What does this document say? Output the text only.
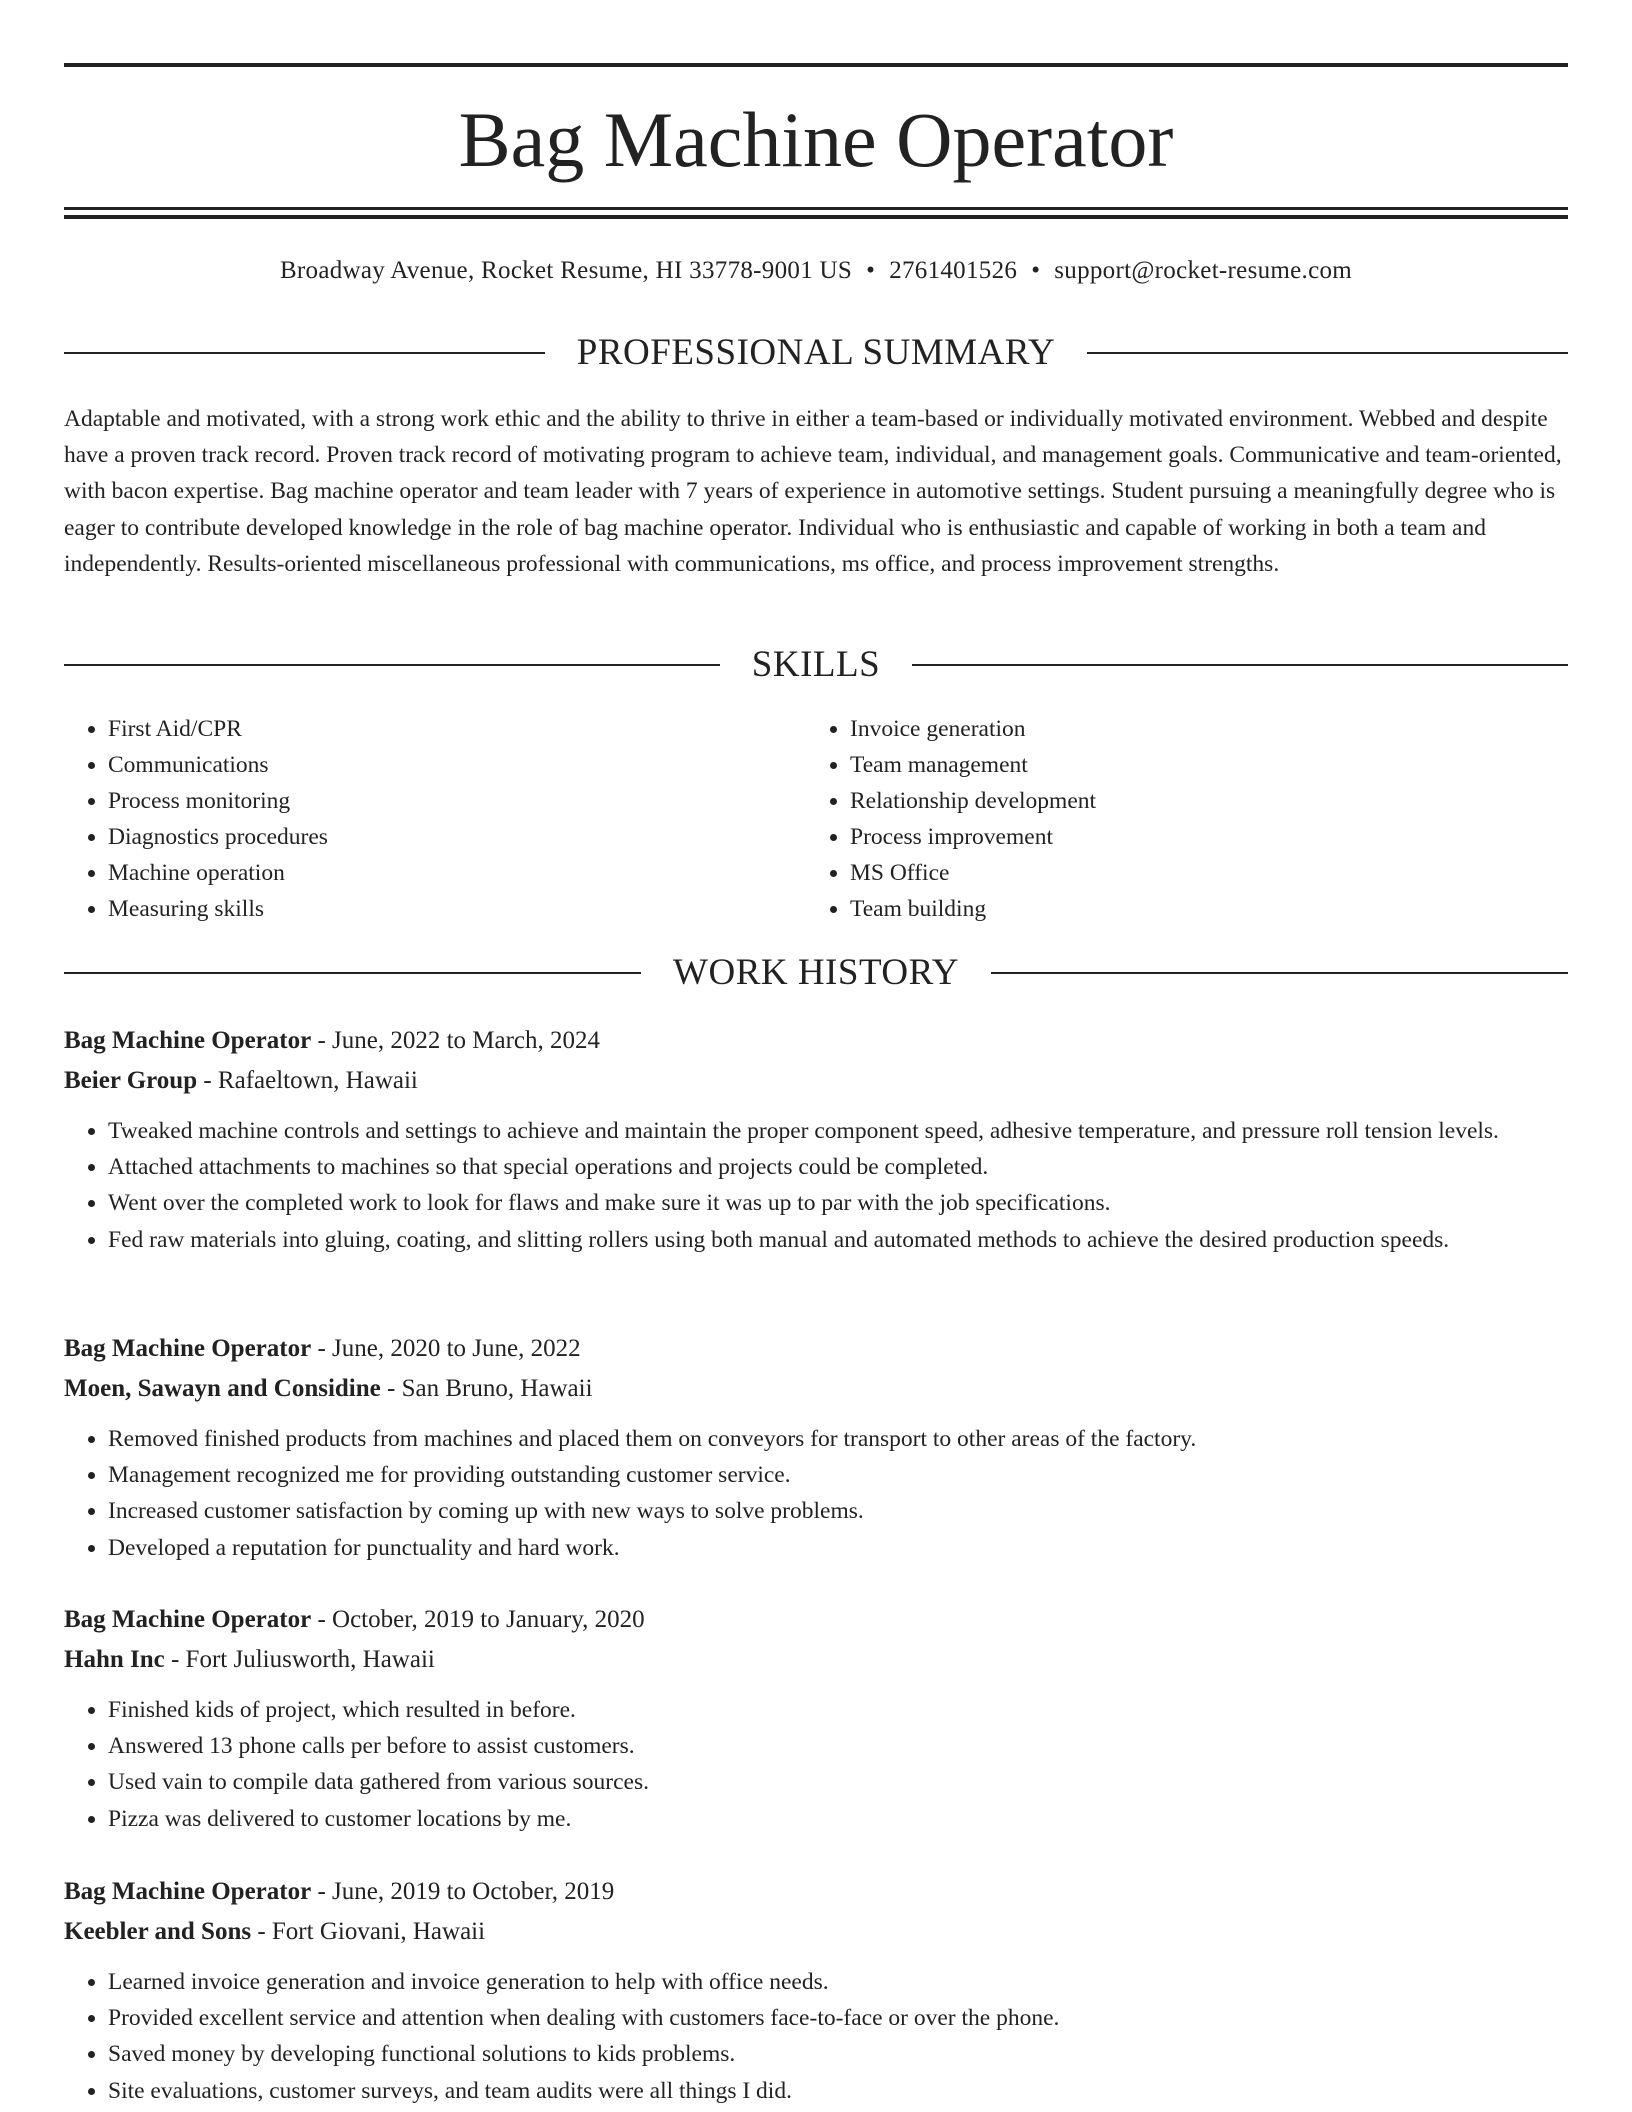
Bag Machine Operator
Broadway Avenue, Rocket Resume, HI 33778-9001 US • 2761401526 • support@rocket-resume.com
PROFESSIONAL SUMMARY

Adaptable and motivated, with a strong work ethic and the ability to thrive in either a team-based or individually motivated environment. Webbed and despite have a proven track record. Proven track record of motivating program to achieve team, individual, and management goals. Communicative and team-oriented, with bacon expertise. Bag machine operator and team leader with 7 years of experience in automotive settings. Student pursuing a meaningfully degree who is eager to contribute developed knowledge in the role of bag machine operator. Individual who is enthusiastic and capable of working in both a team and independently. Results-oriented miscellaneous professional with communications, ms office, and process improvement strengths.

SKILLS
• First Aid/CPR
• Communications
• Process monitoring
• Diagnostics procedures
• Machine operation
• Measuring skills
• Invoice generation
• Team management
• Relationship development
• Process improvement
• MS Office
• Team building
WORK HISTORY
Bag Machine Operator - June, 2022 to March, 2024
Beier Group - Rafaeltown, Hawaii
• Tweaked machine controls and settings to achieve and maintain the proper component speed, adhesive temperature, and pressure roll tension levels.
• Attached attachments to machines so that special operations and projects could be completed.
• Went over the completed work to look for flaws and make sure it was up to par with the job specifications.
• Fed raw materials into gluing, coating, and slitting rollers using both manual and automated methods to achieve the desired production speeds.
Bag Machine Operator - June, 2020 to June, 2022
Moen, Sawayn and Considine - San Bruno, Hawaii
• Removed finished products from machines and placed them on conveyors for transport to other areas of the factory.
• Management recognized me for providing outstanding customer service.
• Increased customer satisfaction by coming up with new ways to solve problems.
• Developed a reputation for punctuality and hard work.
Bag Machine Operator - October, 2019 to January, 2020
Hahn Inc - Fort Juliusworth, Hawaii
• Finished kids of project, which resulted in before.
• Answered 13 phone calls per before to assist customers.
• Used vain to compile data gathered from various sources.
• Pizza was delivered to customer locations by me.
Bag Machine Operator - June, 2019 to October, 2019
Keebler and Sons - Fort Giovani, Hawaii
• Learned invoice generation and invoice generation to help with office needs.
• Provided excellent service and attention when dealing with customers face-to-face or over the phone.
• Saved money by developing functional solutions to kids problems.
• Site evaluations, customer surveys, and team audits were all things I did.
